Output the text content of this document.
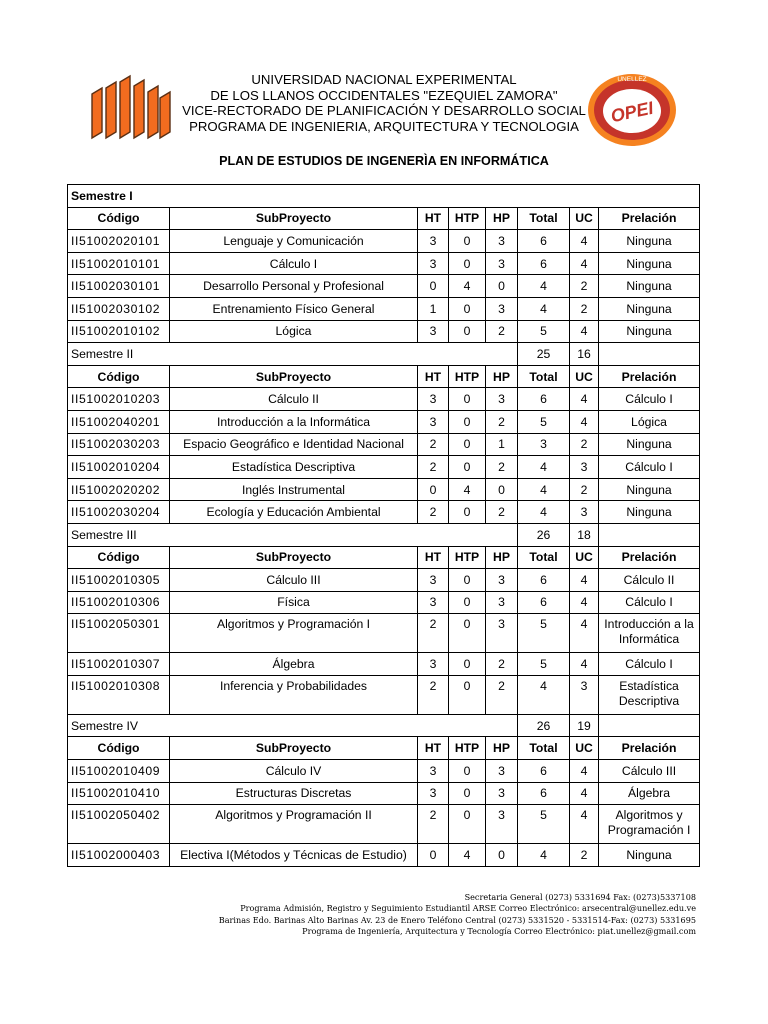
UNIVERSIDAD NACIONAL EXPERIMENTAL
DE LOS LLANOS OCCIDENTALES "EZEQUIEL ZAMORA"
VICE-RECTORADO DE PLANIFICACIÓN Y DESARROLLO SOCIAL
PROGRAMA DE INGENIERIA, ARQUITECTURA Y TECNOLOGIA
UNELLEZ
OPEI
PLAN DE ESTUDIOS DE INGENERÌA EN INFORMÁTICA
Semestre I							
Código	SubProyecto	HT	HTP	HP	Total	UC	Prelación
II51002020101	Lenguaje y Comunicación	3	0	3	6	4	Ninguna
II51002010101	Cálculo I	3	0	3	6	4	Ninguna
II51002030101	Desarrollo Personal y Profesional	0	4	0	4	2	Ninguna
II51002030102	Entrenamiento Físico General	1	0	3	4	2	Ninguna
II51002010102	Lógica	3	0	2	5	4	Ninguna
Semestre II					25	16	
Código	SubProyecto	HT	HTP	HP	Total	UC	Prelación
II51002010203	Cálculo II	3	0	3	6	4	Cálculo I
II51002040201	Introducción a la Informática	3	0	2	5	4	Lógica
II51002030203	Espacio Geográfico e Identidad Nacional	2	0	1	3	2	Ninguna
II51002010204	Estadística Descriptiva	2	0	2	4	3	Cálculo I
II51002020202	Inglés Instrumental	0	4	0	4	2	Ninguna
II51002030204	Ecología y Educación Ambiental	2	0	2	4	3	Ninguna
Semestre III					26	18	
Código	SubProyecto	HT	HTP	HP	Total	UC	Prelación
II51002010305	Cálculo III	3	0	3	6	4	Cálculo II
II51002010306	Física	3	0	3	6	4	Cálculo I
II51002050301	Algoritmos y Programación I	2	0	3	5	4	Introducción a la Informática
II51002010307	Álgebra	3	0	2	5	4	Cálculo I
II51002010308	Inferencia y Probabilidades	2	0	2	4	3	Estadística Descriptiva
Semestre IV					26	19	
Código	SubProyecto	HT	HTP	HP	Total	UC	Prelación
II51002010409	Cálculo IV	3	0	3	6	4	Cálculo III
II51002010410	Estructuras Discretas	3	0	3	6	4	Álgebra
II51002050402	Algoritmos y Programación II	2	0	3	5	4	Algoritmos y Programación I
II51002000403	Electiva I(Métodos y Técnicas de Estudio)	0	4	0	4	2	Ninguna
Secretaria General (0273) 5331694 Fax: (0273)5337108
Programa Admisión, Registro y Seguimiento Estudiantil ARSE Correo Electrónico: arsecentral@unellez.edu.ve
Barinas Edo. Barinas Alto Barinas Av. 23 de Enero Teléfono Central (0273) 5331520 - 5331514-Fax: (0273) 5331695
Programa de Ingeniería, Arquitectura y Tecnología Correo Electrónico: piat.unellez@gmail.com
